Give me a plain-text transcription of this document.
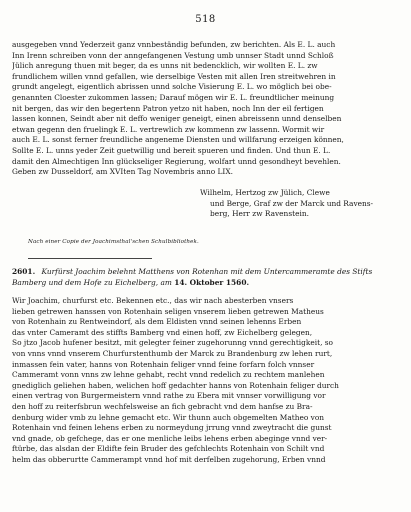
518
ausgegeben vnnd Yederzeit ganz vnnbeständig befunden, zw berichten. Als E. L. auch
Inn Irenn schreiben vonn der anngefangenen Vestung umb unnser Stadt unnd Schloß
Jülich anregung thuen mit beger, da es unns nit bedencklich, wir wollten E. L. zw
frundlichem willen vnnd gefallen, wie derselbige Vesten mit allen Iren streitwehren in
grundt angelegt, eigentlich abrissen unnd solche Visierung E. L. wo möglich bei obe-
genannten Cloester zukommen lassen; Darauf mögen wir E. L. freundtlicher meinung
nit bergen, das wir den begertenn Patron yetzo nit haben, noch Inn der eil fertigen
lassen konnen, Seindt aber nit deffo weniger geneigt, einen abreissenn unnd denselben
etwan gegenn den fruelingk E. L. vertrewlich zw kommenn zw lassenn. Wormit wir
auch E. L. sonst ferner freundliche angeneme Diensten und willfarung erzeigen können,
Sollte E. L. unns yeder Zeit guetwillig und bereit spueren und finden. Und thun E. L.
damit den Almechtigen Inn glückseliger Regierung, wolfart unnd gesondheyt bevehlen.
Geben zw Dusseldorf, am XVIten Tag Novembris anno LIX.
Wilhelm, Hertzog zw Jülich, Clewe
und Berge, Graf zw der Marck und Ravens-
berg, Herr zw Ravenstein.
Nach einer Copie der Joachimsthal'schen Schulbibliothek.
2601. Kurfürst Joachim belehnt Matthens von Rotenhan mit dem Untercammeramte des Stifts Bamberg und dem Hofe zu Eichelberg, am 14. Oktober 1560.
Wir Joachim, churfurst etc. Bekennen etc., das wir nach abesterben vnsers
lieben getrewen hanssen von Rotenhain seligen vnserem lieben getrewen Matheus
von Rotenhain zu Rentweindorf, als dem Eldisten vnnd seinen lehenns Erben
das vnter Cameramt des stiffts Bamberg vnd einen hoff, zw Eichelberg gelegen,
So jtzo Jacob hufener besitzt, mit gelegter feiner zugehorunng vnnd gerechtigkeit, so
von vnns vnnd vnserem Churfurstenthumb der Marck zu Brandenburg zw lehen rurt,
inmassen fein vater, hanns von Rotenhain feliger vnnd feine forfarn folch vnnser
Cammeramt vonn vnns zw lehne gehabt, recht vnnd redelich zu rechtem manlehen
gnediglich geliehen haben, welichen hoff gedachter hanns von Rotenhain feliger durch
einen vertrag von Burgermeistern vnnd rathe zu Ebera mit vnnser vorwilligung vor
den hoff zu reiterfsbrun wechfelsweise an fich gebracht vnd dem hanfse zu Bra-
denburg wider vmb zu lehne gemacht etc. Wir thunn auch obgemelten Matheo von
Rotenhain vnd feinen lehens erben zu normeydung jrrung vnnd zweytracht die gunst
vnd gnade, ob gefchege, das er one menliche leibs lehens erben abeginge vnnd ver-
ftürbe, das alsdan der Eldifte fein Bruder des gefchlechts Rotenhain von Schilt vnd
helm das obberurtte Cammerampt vnnd hof mit derfelben zugehorung, Erben vnnd
